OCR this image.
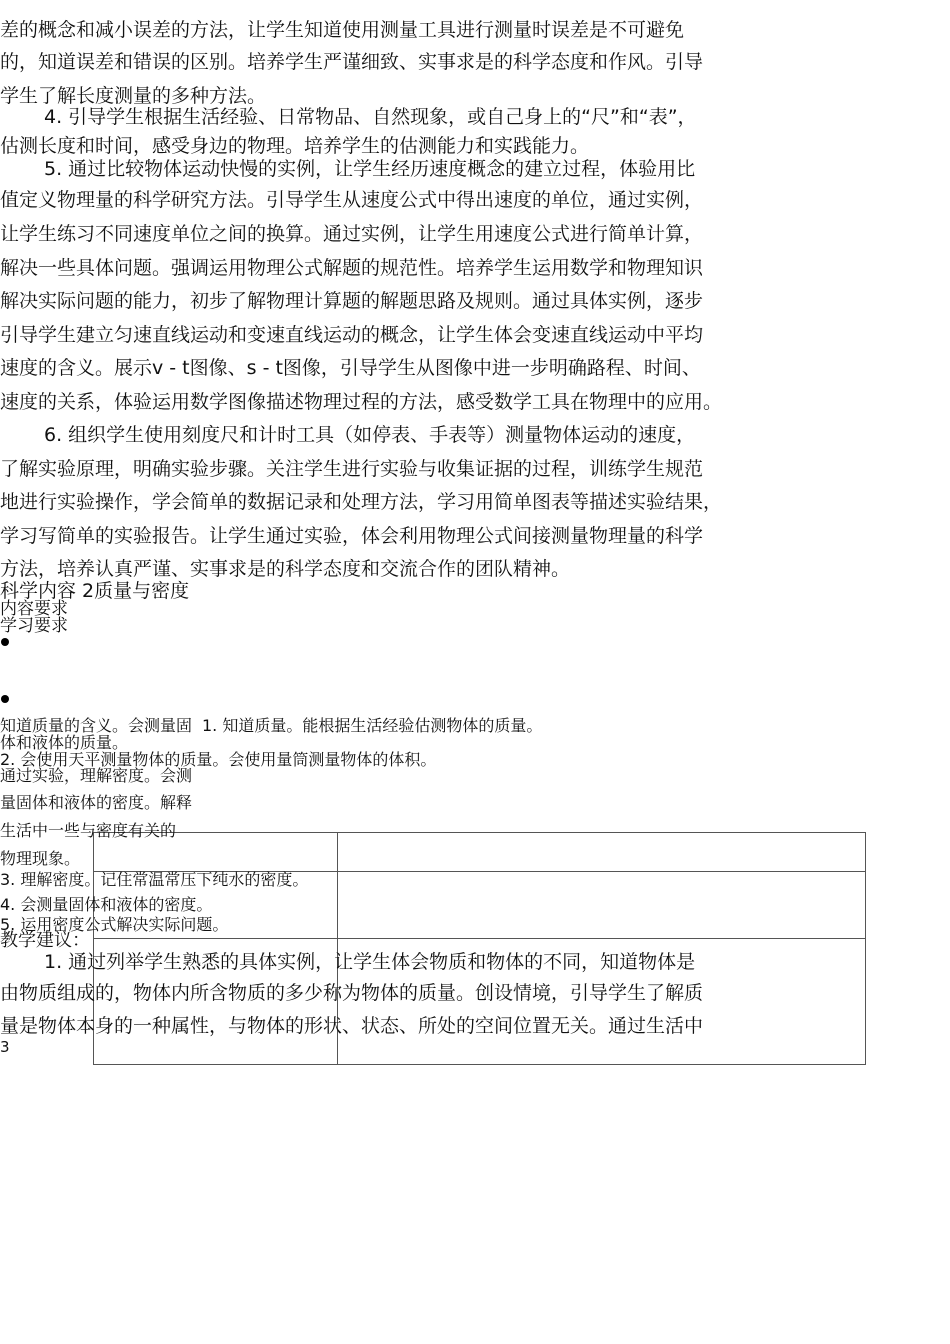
差的概念和减小误差的方法，让学生知道使用测量工具进行测量时误差是不可避免
的，知道误差和错误的区别。培养学生严谨细致、实事求是的科学态度和作风。引导
学生了解长度测量的多种方法。
4. 引导学生根据生活经验、日常物品、自然现象，或自己身上的“尺”和“表”，
估测长度和时间，感受身边的物理。培养学生的估测能力和实践能力。
5. 通过比较物体运动快慢的实例，让学生经历速度概念的建立过程，体验用比
值定义物理量的科学研究方法。引导学生从速度公式中得出速度的单位，通过实例，
让学生练习不同速度单位之间的换算。通过实例，让学生用速度公式进行简单计算，
解决一些具体问题。强调运用物理公式解题的规范性。培养学生运用数学和物理知识
解决实际问题的能力，初步了解物理计算题的解题思路及规则。通过具体实例，逐步
引导学生建立匀速直线运动和变速直线运动的概念，让学生体会变速直线运动中平均
速度的含义。展示v - t图像、s - t图像，引导学生从图像中进一步明确路程、时间、
速度的关系，体验运用数学图像描述物理过程的方法，感受数学工具在物理中的应用。
6. 组织学生使用刻度尺和计时工具（如停表、手表等）测量物体运动的速度，
了解实验原理，明确实验步骤。关注学生进行实验与收集证据的过程，训练学生规范
地进行实验操作，学会简单的数据记录和处理方法，学习用简单图表等描述实验结果，
学习写简单的实验报告。让学生通过实验，体会利用物理公式间接测量物理量的科学
方法，培养认真严谨、实事求是的科学态度和交流合作的团队精神。
科学内容 2质量与密度
内容要求
学习要求
知道质量的含义。会测量固
体和液体的质量。
通过实验，理解密度。会测
量固体和液体的密度。解释
生活中一些与密度有关的
物理现象。
1. 知道质量。能根据生活经验估测物体的质量。
2. 会使用天平测量物体的质量。会使用量筒测量物体的体积。
3. 理解密度。记住常温常压下纯水的密度。
4. 会测量固体和液体的密度。
5. 运用密度公式解决实际问题。
教学建议：
1. 通过列举学生熟悉的具体实例，让学生体会物质和物体的不同，知道物体是
由物质组成的，物体内所含物质的多少称为物体的质量。创设情境，引导学生了解质
量是物体本身的一种属性，与物体的形状、状态、所处的空间位置无关。通过生活中
3
